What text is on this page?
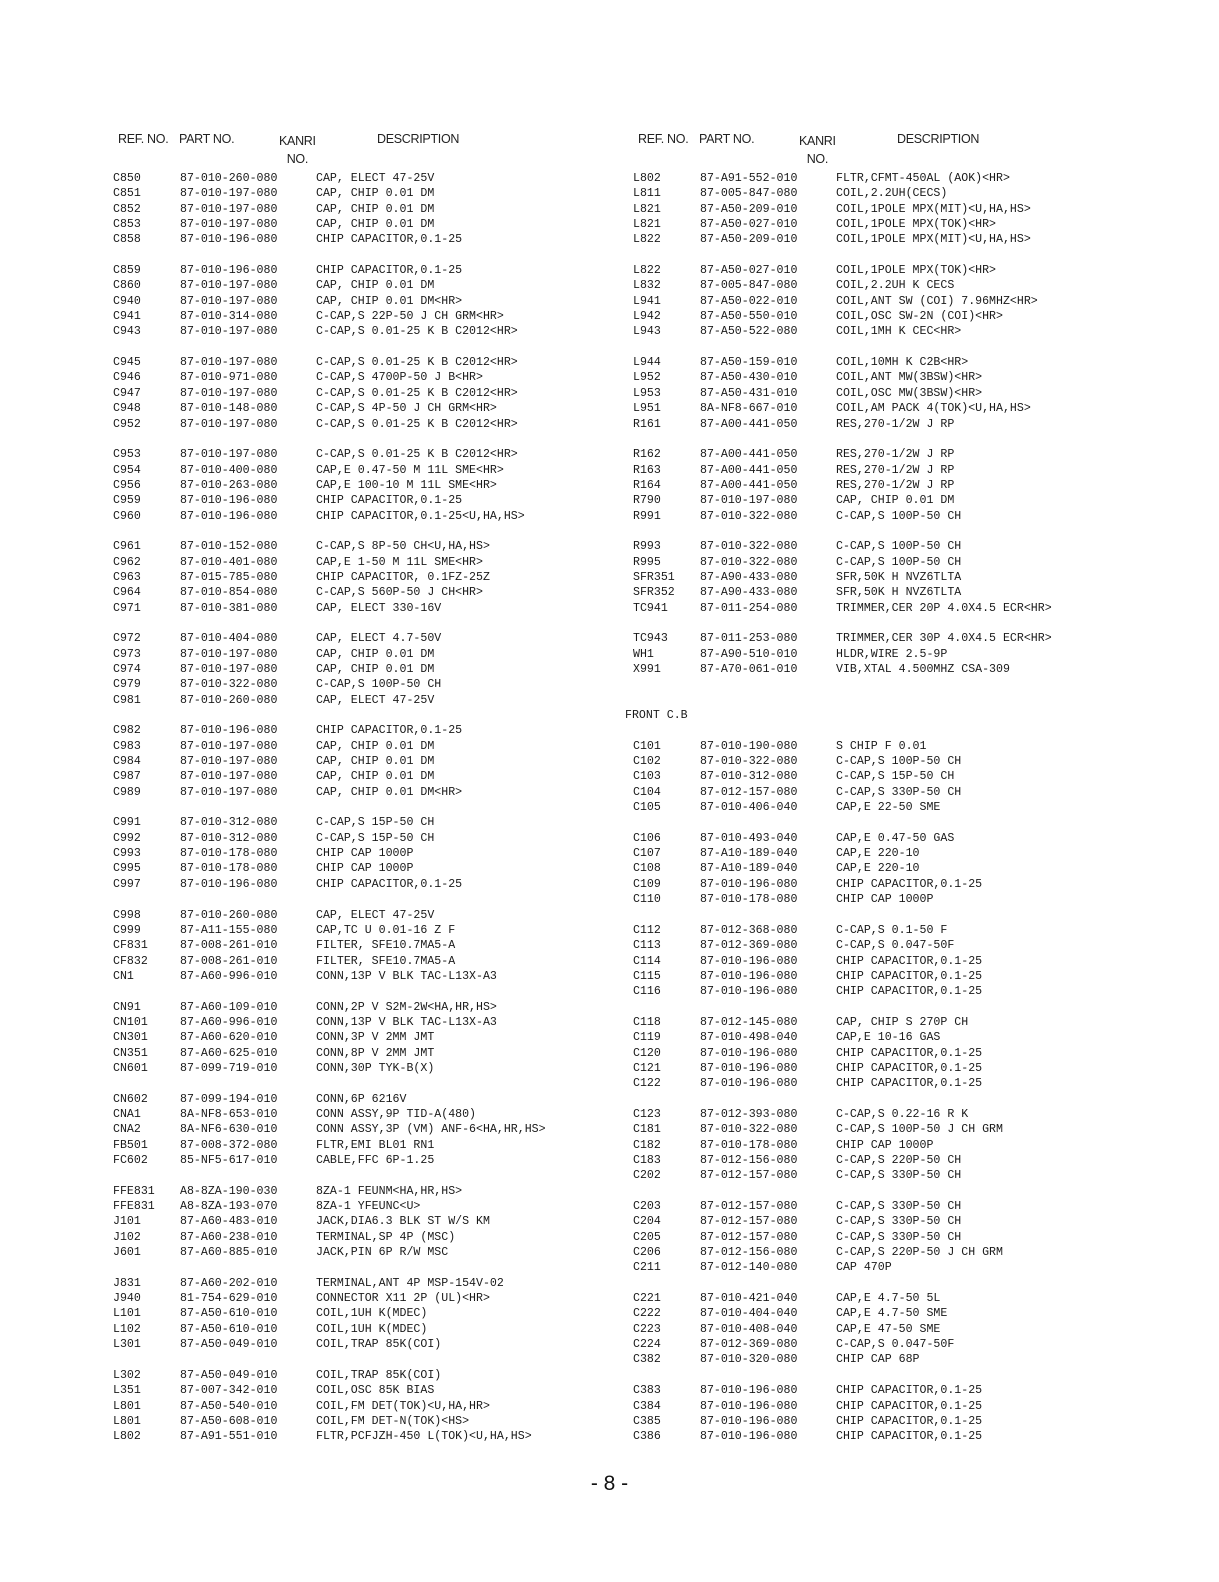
REF. NO. PART NO.	KANRI
NO.
DESCRIPTION
C850	87-010-260-080	CAP, ELECT 47-25V
C851	87-010-197-080	CAP, CHIP 0.01 DM
C852	87-010-197-080	CAP, CHIP 0.01 DM
C853	87-010-197-080	CAP, CHIP 0.01 DM
C858	87-010-196-080	CHIP CAPACITOR,0.1-25
C859	87-010-196-080	CHIP CAPACITOR,0.1-25
C860	87-010-197-080	CAP, CHIP 0.01 DM
C940	87-010-197-080	CAP, CHIP 0.01 DM<HR>
C941	87-010-314-080	C-CAP,S 22P-50 J CH GRM<HR>
C943	87-010-197-080	C-CAP,S 0.01-25 K B C2012<HR>
C945	87-010-197-080	C-CAP,S 0.01-25 K B C2012<HR>
C946	87-010-971-080	C-CAP,S 4700P-50 J B<HR>
C947	87-010-197-080	C-CAP,S 0.01-25 K B C2012<HR>
C948	87-010-148-080	C-CAP,S 4P-50 J CH GRM<HR>
C952	87-010-197-080	C-CAP,S 0.01-25 K B C2012<HR>
C953	87-010-197-080	C-CAP,S 0.01-25 K B C2012<HR>
C954	87-010-400-080	CAP,E 0.47-50 M 11L SME<HR>
C956	87-010-263-080	CAP,E 100-10 M 11L SME<HR>
C959	87-010-196-080	CHIP CAPACITOR,0.1-25
C960	87-010-196-080	CHIP CAPACITOR,0.1-25<U,HA,HS>
C961	87-010-152-080	C-CAP,S 8P-50 CH<U,HA,HS>
C962	87-010-401-080	CAP,E 1-50 M 11L SME<HR>
C963	87-015-785-080	CHIP CAPACITOR, 0.1FZ-25Z
C964	87-010-854-080	C-CAP,S 560P-50 J CH<HR>
C971	87-010-381-080	CAP, ELECT 330-16V
C972	87-010-404-080	CAP, ELECT 4.7-50V
C973	87-010-197-080	CAP, CHIP 0.01 DM
C974	87-010-197-080	CAP, CHIP 0.01 DM
C979	87-010-322-080	C-CAP,S 100P-50 CH
C981	87-010-260-080	CAP, ELECT 47-25V
C982	87-010-196-080	CHIP CAPACITOR,0.1-25
C983	87-010-197-080	CAP, CHIP 0.01 DM
C984	87-010-197-080	CAP, CHIP 0.01 DM
C987	87-010-197-080	CAP, CHIP 0.01 DM
C989	87-010-197-080	CAP, CHIP 0.01 DM<HR>
C991	87-010-312-080	C-CAP,S 15P-50 CH
C992	87-010-312-080	C-CAP,S 15P-50 CH
C993	87-010-178-080	CHIP CAP 1000P
C995	87-010-178-080	CHIP CAP 1000P
C997	87-010-196-080	CHIP CAPACITOR,0.1-25
C998	87-010-260-080	CAP, ELECT 47-25V
C999	87-A11-155-080	CAP,TC U 0.01-16 Z F
CF831	87-008-261-010	FILTER, SFE10.7MA5-A
CF832	87-008-261-010	FILTER, SFE10.7MA5-A
CN1	87-A60-996-010	CONN,13P V BLK TAC-L13X-A3
CN91	87-A60-109-010	CONN,2P V S2M-2W<HA,HR,HS>
CN101	87-A60-996-010	CONN,13P V BLK TAC-L13X-A3
CN301	87-A60-620-010	CONN,3P V 2MM JMT
CN351	87-A60-625-010	CONN,8P V 2MM JMT
CN601	87-099-719-010	CONN,30P TYK-B(X)
CN602	87-099-194-010	CONN,6P 6216V
CNA1	8A-NF8-653-010	CONN ASSY,9P TID-A(480)
CNA2	8A-NF6-630-010	CONN ASSY,3P (VM) ANF-6<HA,HR,HS>
FB501	87-008-372-080	FLTR,EMI BL01 RN1
FC602	85-NF5-617-010	CABLE,FFC 6P-1.25
FFE831 A8-8ZA-190-030	8ZA-1 FEUNM<HA,HR,HS>
FFE831 A8-8ZA-193-070	8ZA-1 YFEUNC<U>
J101	87-A60-483-010	JACK,DIA6.3 BLK ST W/S KM
J102	87-A60-238-010	TERMINAL,SP 4P (MSC)
J601	87-A60-885-010	JACK,PIN 6P R/W MSC
J831	87-A60-202-010	TERMINAL,ANT 4P MSP-154V-02
J940	81-754-629-010	CONNECTOR X11 2P (UL)<HR>
L101	87-A50-610-010	COIL,1UH K(MDEC)
L102	87-A50-610-010	COIL,1UH K(MDEC)
L301	87-A50-049-010	COIL,TRAP 85K(COI)
L302	87-A50-049-010	COIL,TRAP 85K(COI)
L351	87-007-342-010	COIL,OSC 85K BIAS
L801	87-A50-540-010	COIL,FM DET(TOK)<U,HA,HR>
L801	87-A50-608-010	COIL,FM DET-N(TOK)<HS>
L802	87-A91-551-010	FLTR,PCFJZH-450 L(TOK)<U,HA,HS>
REF. NO. PART NO.	KANRI
NO.
DESCRIPTION
L802	87-A91-552-010	FLTR,CFMT-450AL (AOK)<HR>
L811	87-005-847-080	COIL,2.2UH(CECS)
L821	87-A50-209-010	COIL,1POLE MPX(MIT)<U,HA,HS>
L821	87-A50-027-010	COIL,1POLE MPX(TOK)<HR>
L822	87-A50-209-010	COIL,1POLE MPX(MIT)<U,HA,HS>
L822	87-A50-027-010	COIL,1POLE MPX(TOK)<HR>
L832	87-005-847-080	COIL,2.2UH K CECS
L941	87-A50-022-010	COIL,ANT SW (COI) 7.96MHZ<HR>
L942	87-A50-550-010	COIL,OSC SW-2N (COI)<HR>
L943	87-A50-522-080	COIL,1MH K CEC<HR>
L944	87-A50-159-010	COIL,10MH K C2B<HR>
L952	87-A50-430-010	COIL,ANT MW(3BSW)<HR>
L953	87-A50-431-010	COIL,OSC MW(3BSW)<HR>
L951	8A-NF8-667-010	COIL,AM PACK 4(TOK)<U,HA,HS>
R161	87-A00-441-050	RES,270-1/2W J RP
R162	87-A00-441-050	RES,270-1/2W J RP
R163	87-A00-441-050	RES,270-1/2W J RP
R164	87-A00-441-050	RES,270-1/2W J RP
R790	87-010-197-080	CAP, CHIP 0.01 DM
R991	87-010-322-080	C-CAP,S 100P-50 CH
R993	87-010-322-080	C-CAP,S 100P-50 CH
R995	87-010-322-080	C-CAP,S 100P-50 CH
SFR351 87-A90-433-080	SFR,50K H NVZ6TLTA
SFR352 87-A90-433-080	SFR,50K H NVZ6TLTA
TC941	87-011-254-080	TRIMMER,CER 20P 4.0X4.5 ECR<HR>
TC943	87-011-253-080	TRIMMER,CER 30P 4.0X4.5 ECR<HR>
WH1	87-A90-510-010	HLDR,WIRE 2.5-9P
X991	87-A70-061-010	VIB,XTAL 4.500MHZ CSA-309
FRONT C.B
C101	87-010-190-080	S CHIP F 0.01
C102	87-010-322-080	C-CAP,S 100P-50 CH
C103	87-010-312-080	C-CAP,S 15P-50 CH
C104	87-012-157-080	C-CAP,S 330P-50 CH
C105	87-010-406-040	CAP,E 22-50 SME
C106	87-010-493-040	CAP,E 0.47-50 GAS
C107	87-A10-189-040	CAP,E 220-10
C108	87-A10-189-040	CAP,E 220-10
C109	87-010-196-080	CHIP CAPACITOR,0.1-25
C110	87-010-178-080	CHIP CAP 1000P
C112	87-012-368-080	C-CAP,S 0.1-50 F
C113	87-012-369-080	C-CAP,S 0.047-50F
C114	87-010-196-080	CHIP CAPACITOR,0.1-25
C115	87-010-196-080	CHIP CAPACITOR,0.1-25
C116	87-010-196-080	CHIP CAPACITOR,0.1-25
C118	87-012-145-080	CAP, CHIP S 270P CH
C119	87-010-498-040	CAP,E 10-16 GAS
C120	87-010-196-080	CHIP CAPACITOR,0.1-25
C121	87-010-196-080	CHIP CAPACITOR,0.1-25
C122	87-010-196-080	CHIP CAPACITOR,0.1-25
C123	87-012-393-080	C-CAP,S 0.22-16 R K
C181	87-010-322-080	C-CAP,S 100P-50 J CH GRM
C182	87-010-178-080	CHIP CAP 1000P
C183	87-012-156-080	C-CAP,S 220P-50 CH
C202	87-012-157-080	C-CAP,S 330P-50 CH
C203	87-012-157-080	C-CAP,S 330P-50 CH
C204	87-012-157-080	C-CAP,S 330P-50 CH
C205	87-012-157-080	C-CAP,S 330P-50 CH
C206	87-012-156-080	C-CAP,S 220P-50 J CH GRM
C211	87-012-140-080	CAP 470P
C221	87-010-421-040	CAP,E 4.7-50 5L
C222	87-010-404-040	CAP,E 4.7-50 SME
C223	87-010-408-040	CAP,E 47-50 SME
C224	87-012-369-080	C-CAP,S 0.047-50F
C382	87-010-320-080	CHIP CAP 68P
C383	87-010-196-080	CHIP CAPACITOR,0.1-25
C384	87-010-196-080	CHIP CAPACITOR,0.1-25
C385	87-010-196-080	CHIP CAPACITOR,0.1-25
C386	87-010-196-080	CHIP CAPACITOR,0.1-25
- 8 -
